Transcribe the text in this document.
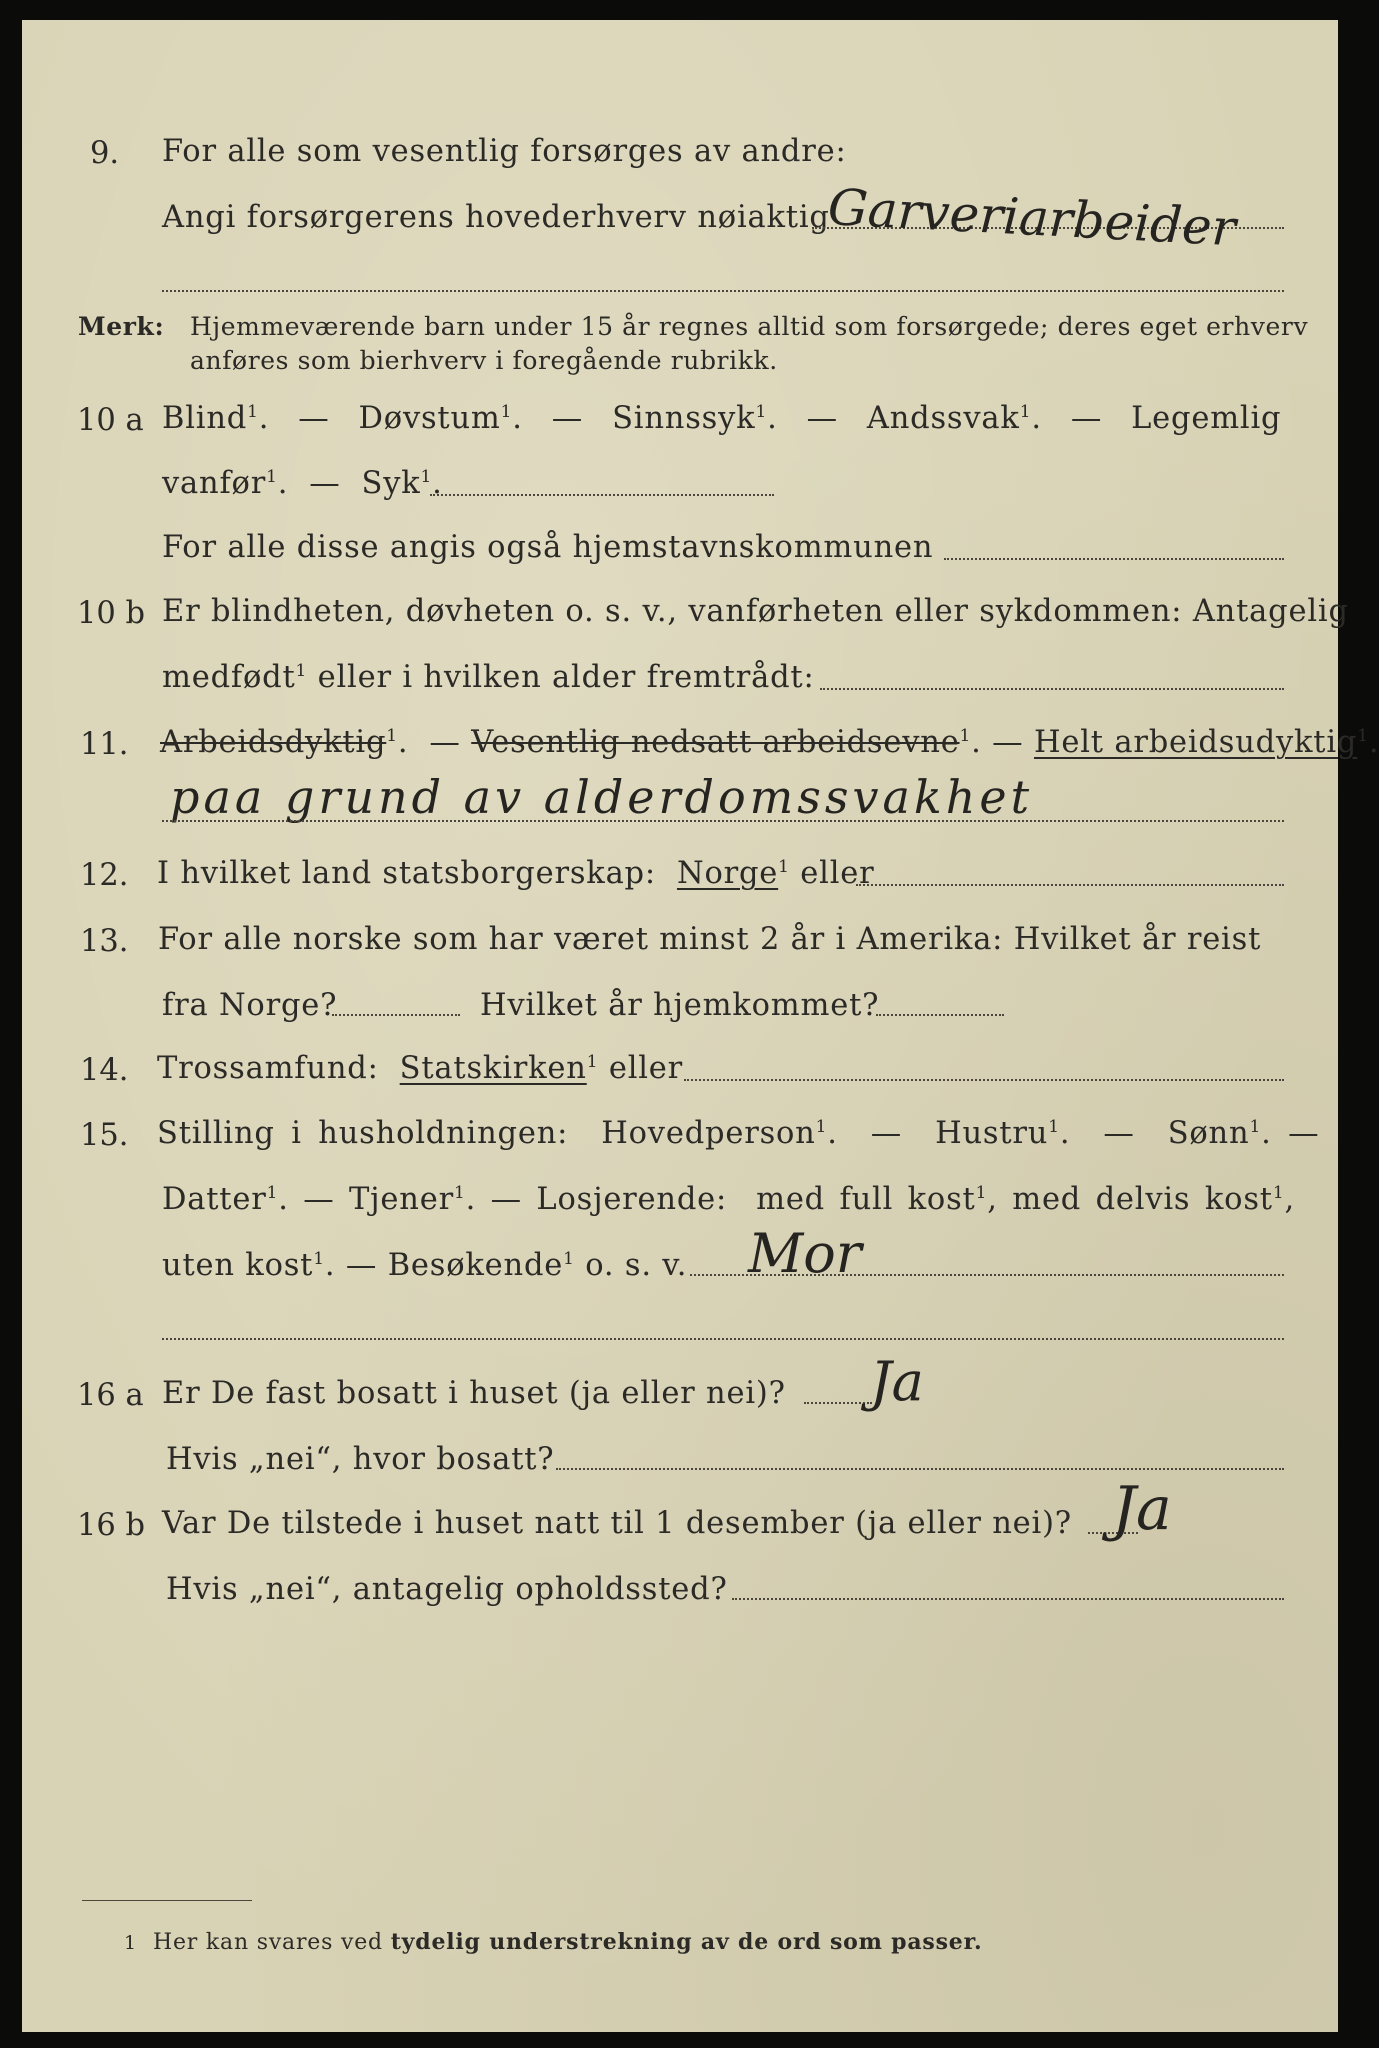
9. For alle som vesentlig forsørges av andre:
Angi forsørgerens hovederhverv nøiaktig
Garveriarbeider
Merk: Hjemmeværende barn under 15 år regnes alltid som forsørgede; deres eget erhverv
anføres som bierhverv i foregående rubrikk.
10 a Blind$^1$.  — Døvstum$^1$.  — Sinnssyk$^1$.  — Andssvak$^1$.  — Legemlig
vanfør$^1$.  — Syk$^1$.
For alle disse angis også hjemstavnskommunen
10 b Er blindheten, døvheten o. s. v., vanførheten eller sykdommen: Antagelig
medfødt$^1$ eller i hvilken alder fremtrådt:
11. Arbeidsdyktig$^1$.  — Vesentlig nedsatt arbeidsevne$^1$. — Helt arbeidsudyktig$^1$.
paa grund av alderdomssvakhet
12. I hvilket land statsborgerskap: Norge$^1$ eller
13. For alle norske som har været minst 2 år i Amerika: Hvilket år reist
fra Norge?	Hvilket år hjemkommet?
14. Trossamfund: Statskirken$^1$ eller
15. Stilling i husholdningen: Hovedperson$^1$.  — Hustru$^1$.  — Sønn$^1$. —
Datter$^1$. — Tjener$^1$. — Losjerende: med full kost$^1$, med delvis kost$^1$,
uten kost$^1$. — Besøkende$^1$ o. s. v. Mor
16 a Er De fast bosatt i huset (ja eller nei)? Ja
Hvis „nei“, hvor bosatt?
16 b Var De tilstede i huset natt til 1 desember (ja eller nei)? Ja
Hvis „nei“, antagelig opholdssted?
1 Her kan svares ved tydelig understrekning av de ord som passer.
